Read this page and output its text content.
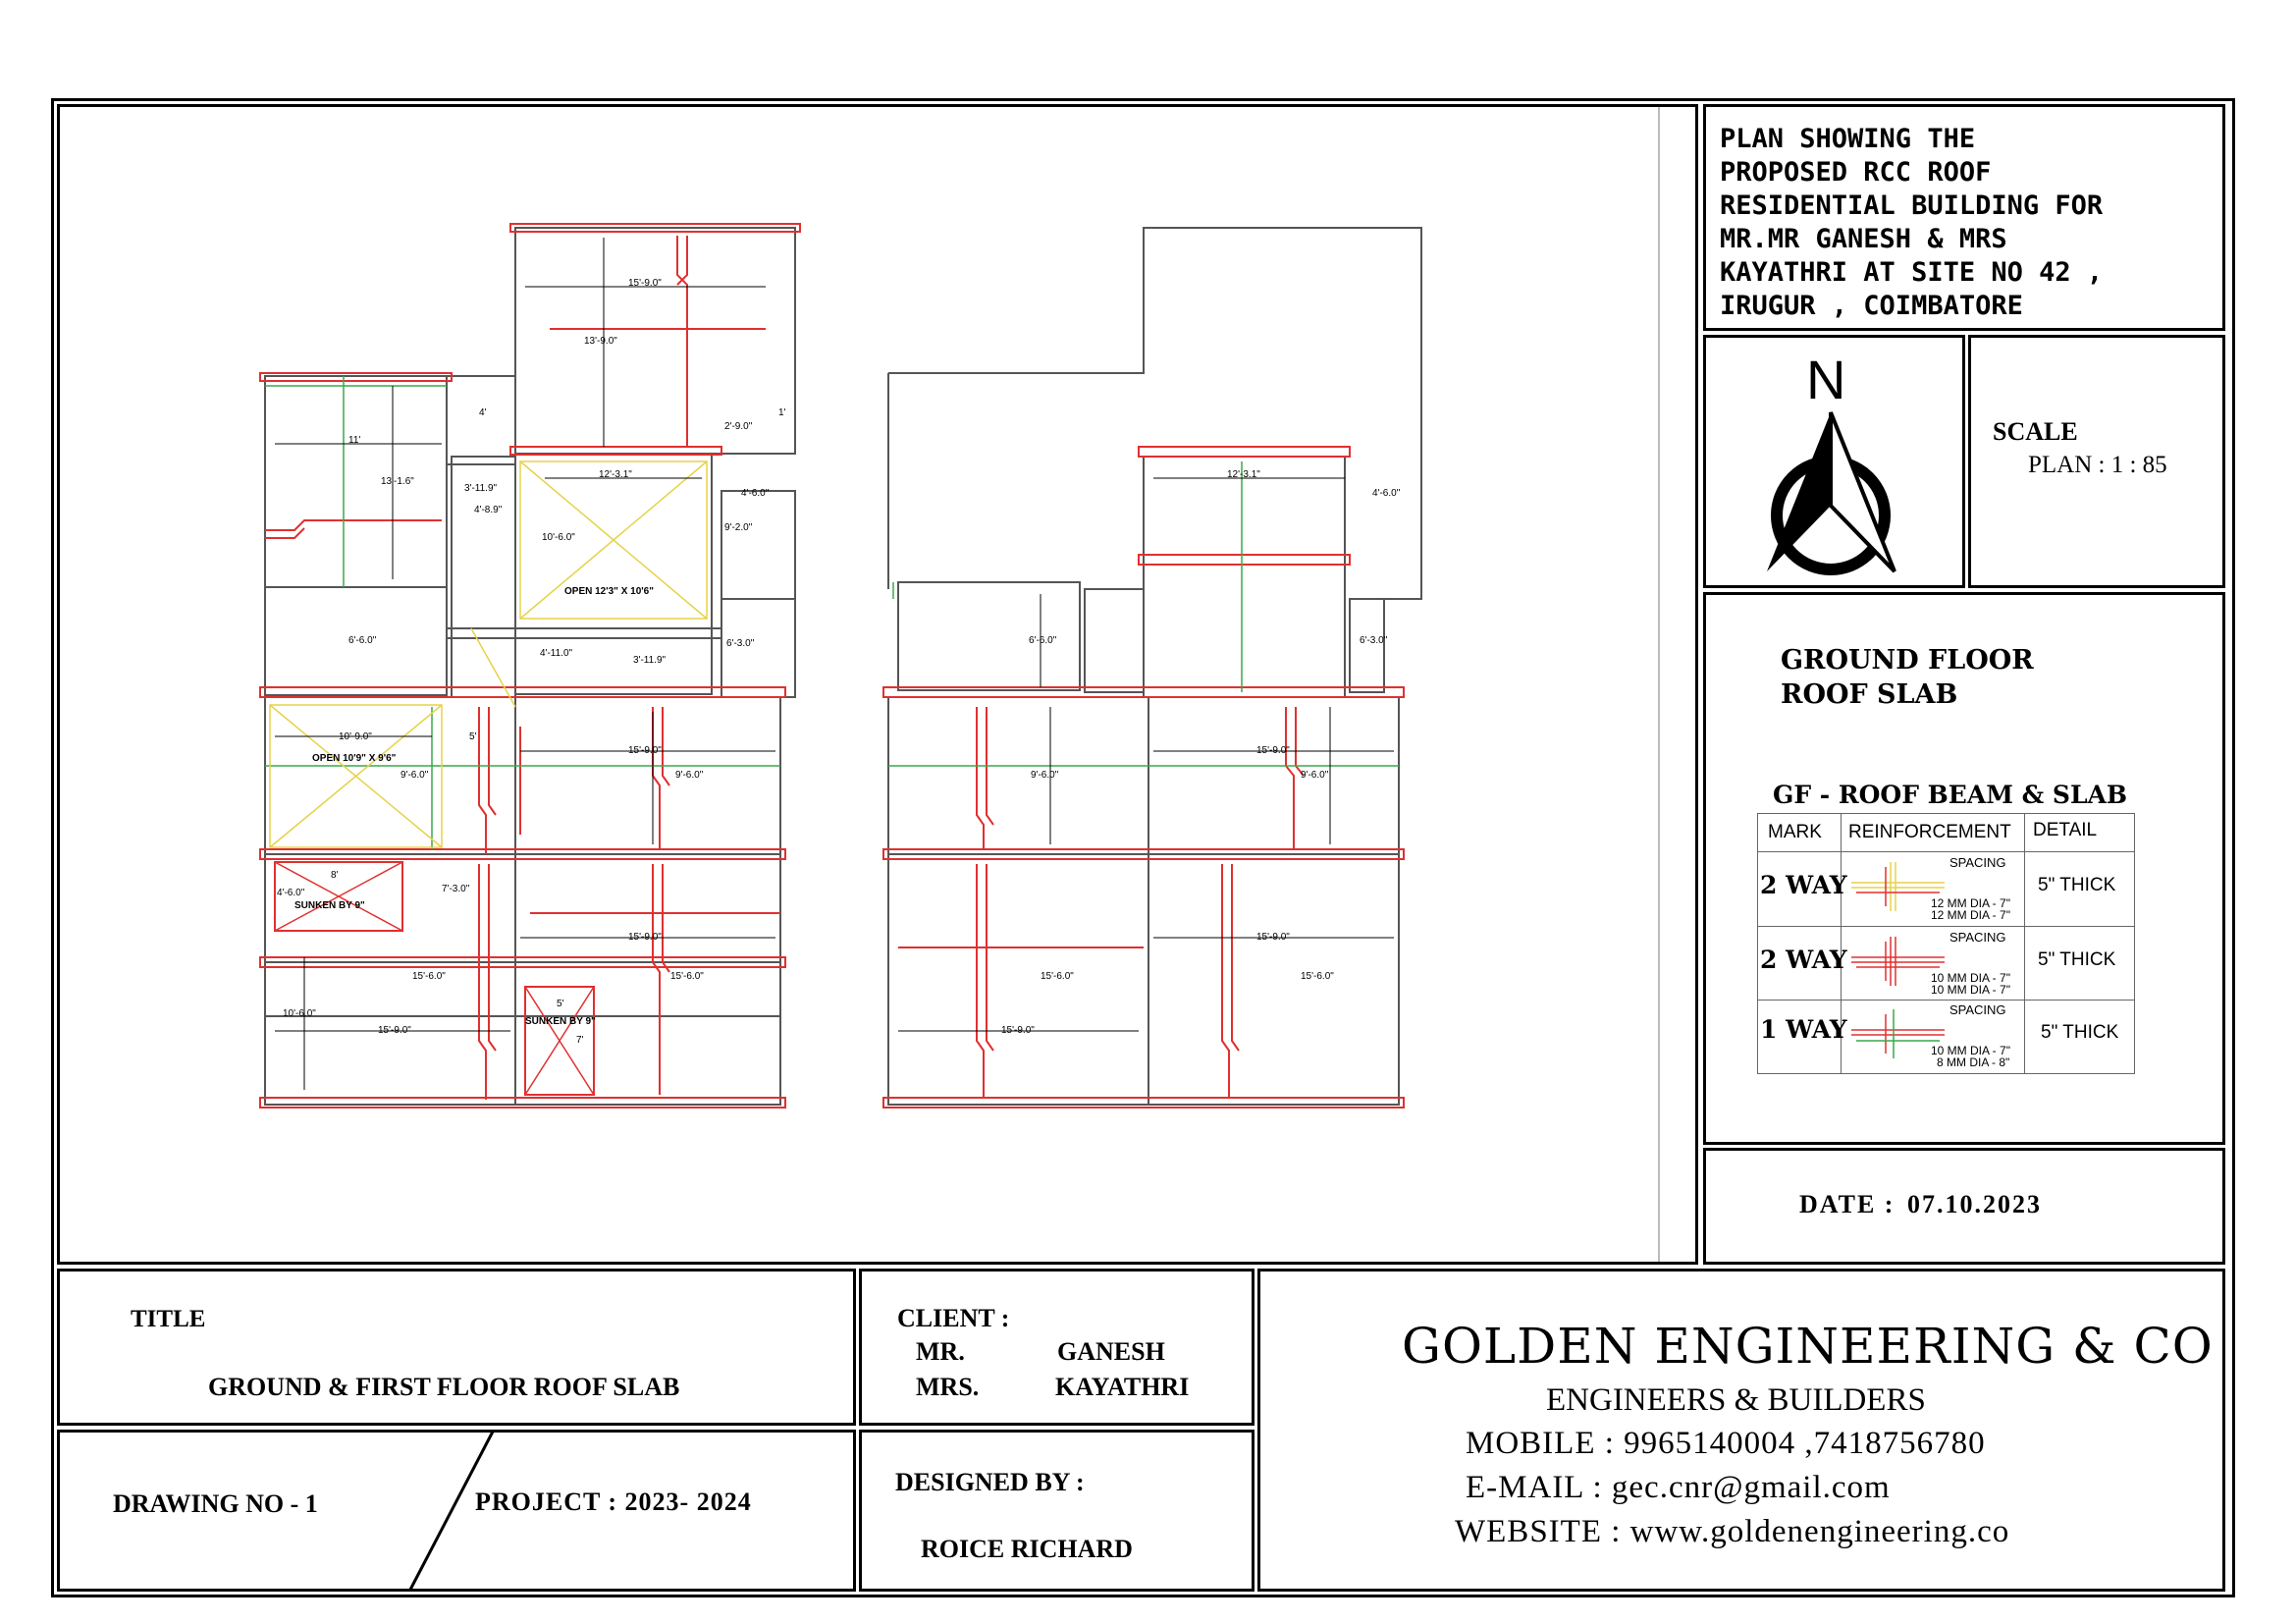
15'-9.0"
13'-9.0"
11'
4'
2'-9.0"
1'
13'-1.6"
3'-11.9"
12'-3.1"
4'-6.0"
4'-8.9"
10'-6.0"
9'-2.0"
6'-6.0"
4'-11.0"
3'-11.9"
6'-3.0"
10'-9.0"	5'
15'-9.0"
9'-6.0"	9'-6.0"
8'
4'-6.0"	7'-3.0"
15'-9.0"
15'-6.0"	15'-6.0"
10'-6.0"
15'-9.0"
5'
7'
12'-3.1"
4'-6.0"
6'-6.0"	6'-3.0"
15'-9.0"
9'-6.0"	9'-6.0"
15'-9.0"
15'-6.0"	15'-6.0"
15'-9.0"
OPEN 12'3" X 10'6"
OPEN 10'9" X 9'6"
SUNKEN BY 9"
SUNKEN BY 9"
PLAN SHOWING THE
PROPOSED RCC ROOF
RESIDENTIAL BUILDING FOR
MR.MR GANESH & MRS
KAYATHRI AT SITE NO 42 ,
IRUGUR , COIMBATORE
N
SCALE
PLAN : 1 : 85
GROUND FLOOR
ROOF SLAB
GF - ROOF BEAM & SLAB
MARK REINFORCEMENT DETAIL
2 WAY
SPACING
12 MM DIA - 7"
12 MM DIA - 7"
5" THICK
2 WAY
SPACING
10 MM DIA - 7"
10 MM DIA - 7"
5" THICK
1 WAY
SPACING
10 MM DIA - 7"
8 MM DIA - 8"
5" THICK
DATE : 07.10.2023
TITLE
GROUND & FIRST FLOOR ROOF SLAB
DRAWING NO - 1	PROJECT : 2023- 2024
CLIENT :
MR.	GANESH
MRS.	KAYATHRI
DESIGNED BY :
ROICE RICHARD
GOLDEN ENGINEERING & CO
ENGINEERS & BUILDERS
MOBILE : 9965140004 ,7418756780
E-MAIL : gec.cnr@gmail.com
WEBSITE : www.goldenengineering.co
